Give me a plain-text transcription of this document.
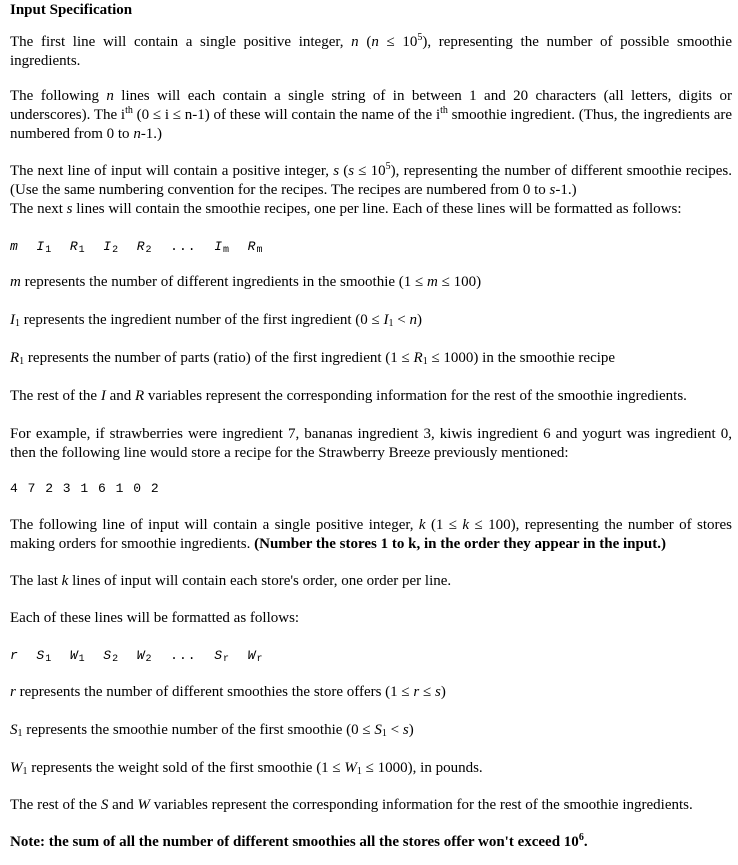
Input Specification
The first line will contain a single positive integer, n $(n \le 10^5)$, representing the number of possible smoothie ingredients.
The following n lines will each contain a single string of in between 1 and 20 characters (all letters, digits or underscores). The $i^{th}$ (0 ≤ i ≤ n-1) of these will contain the name of the $i^{th}$ smoothie ingredient. (Thus, the ingredients are numbered from 0 to n-1.)
The next line of input will contain a positive integer, s $(s \le 10^5)$, representing the number of different smoothie recipes. (Use the same numbering convention for the recipes. The recipes are numbered from 0 to s-1.)
The next s lines will contain the smoothie recipes, one per line. Each of these lines will be formatted as follows:
m $I_1$ $R_1$ $I_2$ $R_2$ ... $I_m$ $R_m$
m represents the number of different ingredients in the smoothie (1 ≤ m ≤ 100)
$I_1$ represents the ingredient number of the first ingredient $(0 \le I_1 < n)$
$R_1$ represents the number of parts (ratio) of the first ingredient $(1 \le R_1 \le 1000)$ in the smoothie recipe
The rest of the I and R variables represent the corresponding information for the rest of the smoothie ingredients.
For example, if strawberries were ingredient 7, bananas ingredient 3, kiwis ingredient 6 and yogurt was ingredient 0, then the following line would store a recipe for the Strawberry Breeze previously mentioned:
4 7 2 3 1 6 1 0 2
The following line of input will contain a single positive integer, k (1 ≤ k ≤ 100), representing the number of stores making orders for smoothie ingredients. (Number the stores 1 to k, in the order they appear in the input.)
The last k lines of input will contain each store's order, one order per line.
Each of these lines will be formatted as follows:
r $S_1$ $W_1$ $S_2$ $W_2$ ... $S_r$ $W_r$
r represents the number of different smoothies the store offers (1 ≤ r ≤ s)
$S_1$ represents the smoothie number of the first smoothie $(0 \le S_1 < s)$
$W_1$ represents the weight sold of the first smoothie $(1 \le W_1 \le 1000)$, in pounds.
The rest of the S and W variables represent the corresponding information for the rest of the smoothie ingredients.
Note: the sum of all the number of different smoothies all the stores offer won't exceed $10^6$.
